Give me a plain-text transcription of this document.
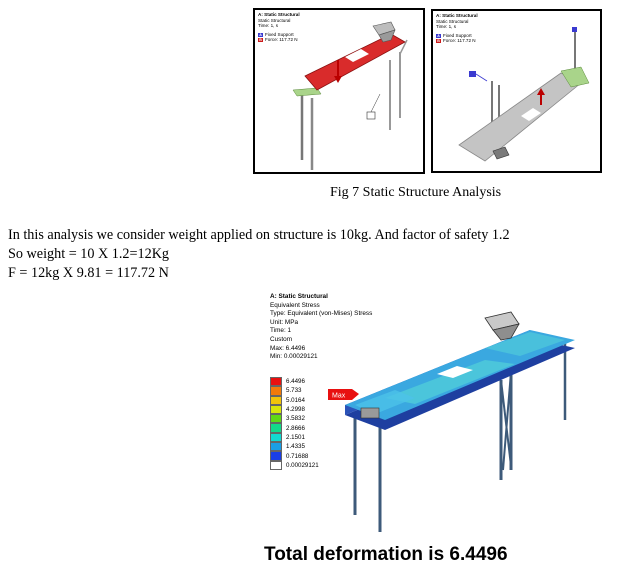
A: Static Structural
Static Structural
Time: 1, s
A Fixed Support
B Force: 117.72 N
A: Static Structural
Static Structural
Time: 1, s
A Fixed Support
B Force: 117.72 N
Fig 7 Static Structure Analysis
In this analysis we consider weight applied on structure is 10kg. And factor of safety 1.2
So weight = 10 X 1.2=12Kg
F = 12kg X 9.81 = 117.72 N
A: Static Structural
Equivalent Stress
Type: Equivalent (von-Mises) Stress
Unit: MPa
Time: 1
Custom
Max: 6.4496
Min: 0.00029121
6.4496
5.733
5.0164
4.2998
3.5832
2.8666
2.1501
1.4335
0.71688
0.00029121
Max
Total deformation is 6.4496
